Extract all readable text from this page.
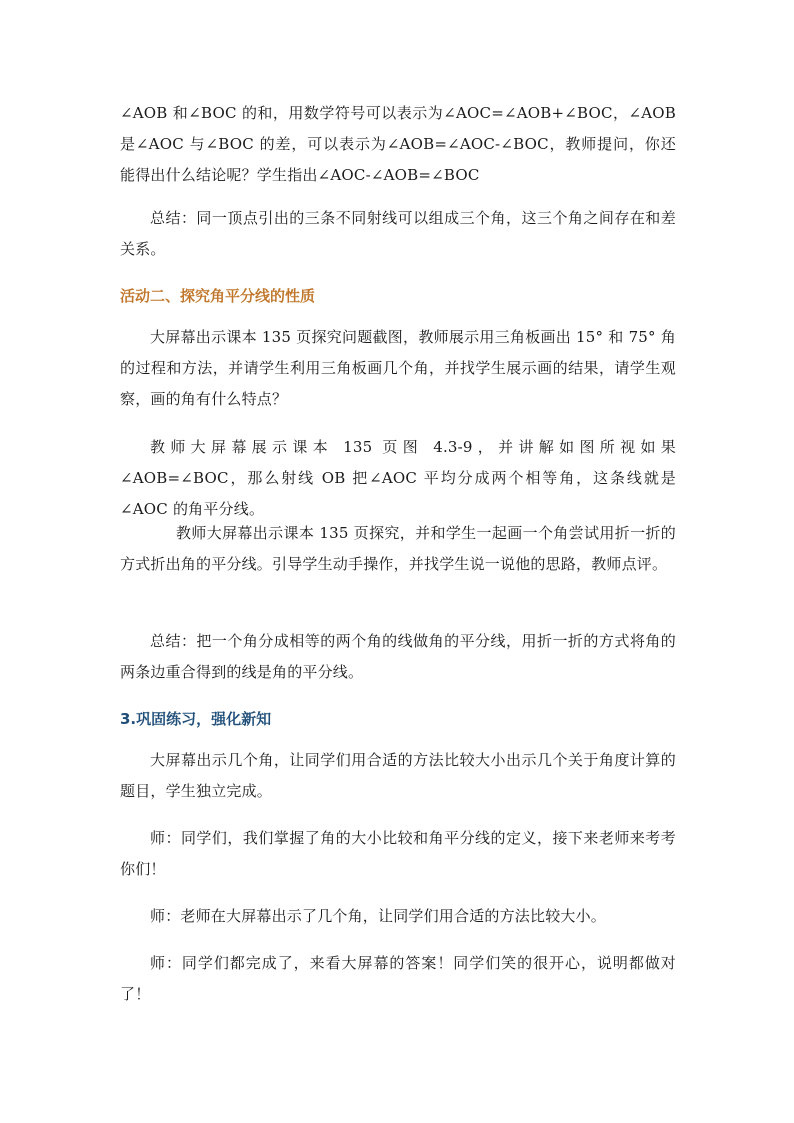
∠AOB 和∠BOC 的和，用数学符号可以表示为∠AOC=∠AOB+∠BOC，∠AOB 是∠AOC 与∠BOC 的差，可以表示为∠AOB=∠AOC-∠BOC，教师提问，你还能得出什么结论呢？学生指出∠AOC-∠AOB=∠BOC

总结：同一顶点引出的三条不同射线可以组成三个角，这三个角之间存在和差关系。

活动二、探究角平分线的性质

大屏幕出示课本 135 页探究问题截图，教师展示用三角板画出 15° 和 75° 角的过程和方法，并请学生利用三角板画几个角，并找学生展示画的结果，请学生观察，画的角有什么特点？

教师大屏幕展示课本 135 页图 4.3-9，并讲解如图所视如果∠AOB=∠BOC，那么射线 OB 把∠AOC 平均分成两个相等角，这条线就是∠AOC 的角平分线。

教师大屏幕出示课本 135 页探究，并和学生一起画一个角尝试用折一折的方式折出角的平分线。引导学生动手操作，并找学生说一说他的思路，教师点评。

总结：把一个角分成相等的两个角的线做角的平分线，用折一折的方式将角的两条边重合得到的线是角的平分线。

3.巩固练习，强化新知

大屏幕出示几个角，让同学们用合适的方法比较大小出示几个关于角度计算的题目，学生独立完成。

师：同学们，我们掌握了角的大小比较和角平分线的定义，接下来老师来考考你们！

师：老师在大屏幕出示了几个角，让同学们用合适的方法比较大小。

师：同学们都完成了，来看大屏幕的答案！同学们笑的很开心，说明都做对了！
